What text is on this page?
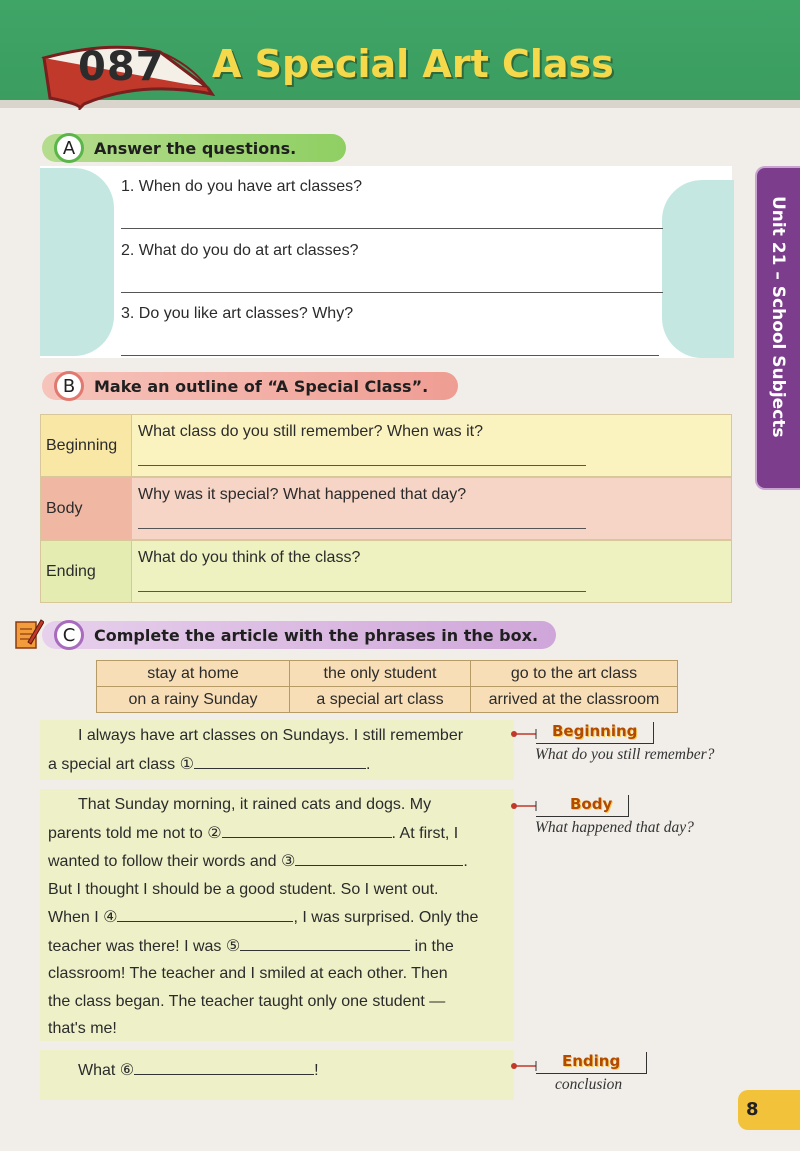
087 A Special Art Class
Unit 21 – School Subjects
A	Answer the questions.
1. When do you have art classes?
2. What do you do at art classes?
3. Do you like art classes? Why?
B	Make an outline of “A Special Class”.
Beginning
What class do you still remember? When was it?
Body
Why was it special? What happened that day?
Ending
What do you think of the class?
C	Complete the article with the phrases in the box.
stay at home	the only student	go to the art class
on a rainy Sunday	a special art class	arrived at the classroom

I always have art classes on Sundays. I still remember

a special art class ①	.

That Sunday morning, it rained cats and dogs. My

parents told me not to ②	. At first, I

wanted to follow their words and ③	.

But I thought I should be a good student. So I went out.

When I ④	, I was surprised. Only the

teacher was there! I was ⑤	in the

classroom! The teacher and I smiled at each other. Then

the class began. The teacher taught only one student —

that's me!

What ⑥	!

Beginning
What do you still remember?
Body
What happened that day?
Ending
conclusion
8
